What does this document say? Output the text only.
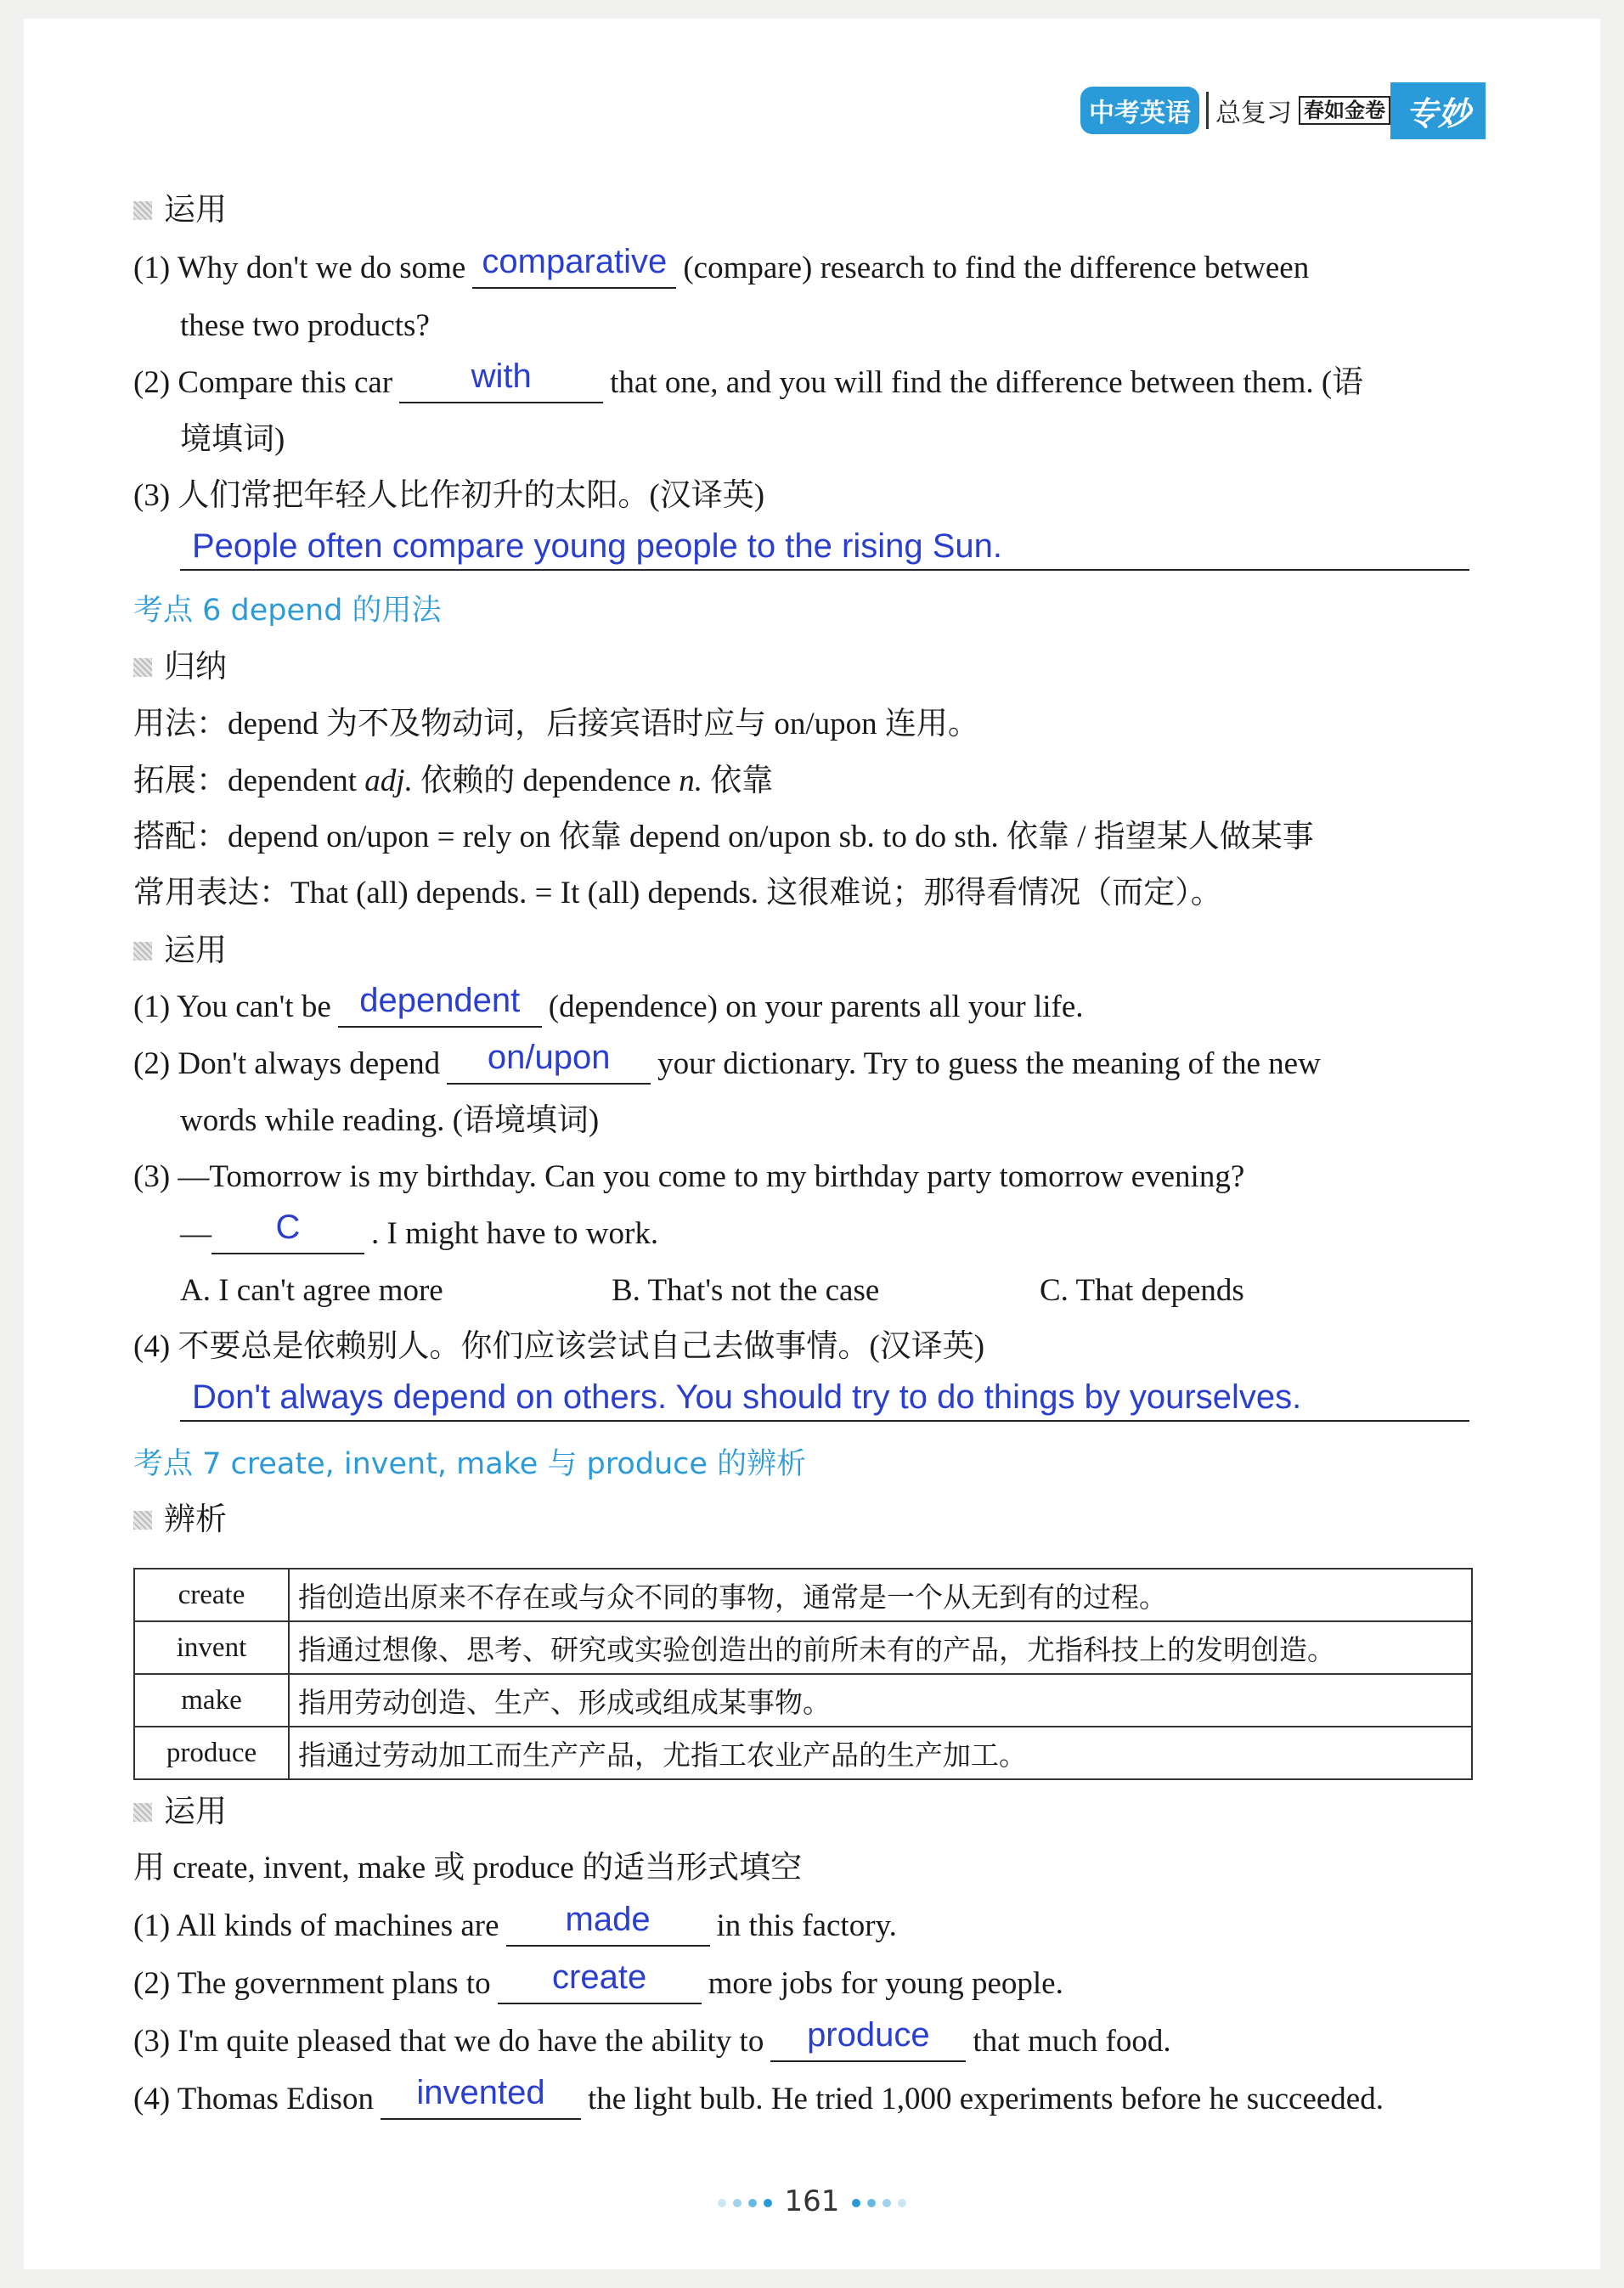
中考英语 总复习 春如金卷 专妙
运用
(1) Why don't we do some comparative (compare) research to find the difference between
these two products?
(2) Compare this car	with	that one, and you will find the difference between them. (语
境填词)
(3) 人们常把年轻人比作初升的太阳。(汉译英)
People often compare young people to the rising Sun.
考点 6 depend 的用法
归纳
用法：depend 为不及物动词，后接宾语时应与 on/upon 连用。
拓展：dependent adj. 依赖的 dependence n. 依靠
搭配：depend on/upon = rely on 依靠 depend on/upon sb. to do sth. 依靠 / 指望某人做某事
常用表达：That (all) depends. = It (all) depends. 这很难说；那得看情况（而定）。
运用
(1) You can't be dependent (dependence) on your parents all your life.
(2) Don't always depend	on/upon	your dictionary. Try to guess the meaning of the new
words while reading. (语境填词)
(3) —Tomorrow is my birthday. Can you come to my birthday party tomorrow evening?
—	C	. I might have to work.
A. I can't agree more	B. That's not the case	C. That depends
(4) 不要总是依赖别人。你们应该尝试自己去做事情。(汉译英)
Don't always depend on others. You should try to do things by yourselves.
考点 7 create, invent, make 与 produce 的辨析
辨析
create	指创造出原来不存在或与众不同的事物，通常是一个从无到有的过程。
invent	指通过想像、思考、研究或实验创造出的前所未有的产品，尤指科技上的发明创造。
make	指用劳动创造、生产、形成或组成某事物。
produce	指通过劳动加工而生产产品，尤指工农业产品的生产加工。
运用
用 create, invent, make 或 produce 的适当形式填空
(1) All kinds of machines are	made	in this factory.
(2) The government plans to	create	more jobs for young people.
(3) I'm quite pleased that we do have the ability to	produce	that much food.
(4) Thomas Edison	invented	the light bulb. He tried 1,000 experiments before he succeeded.
161
